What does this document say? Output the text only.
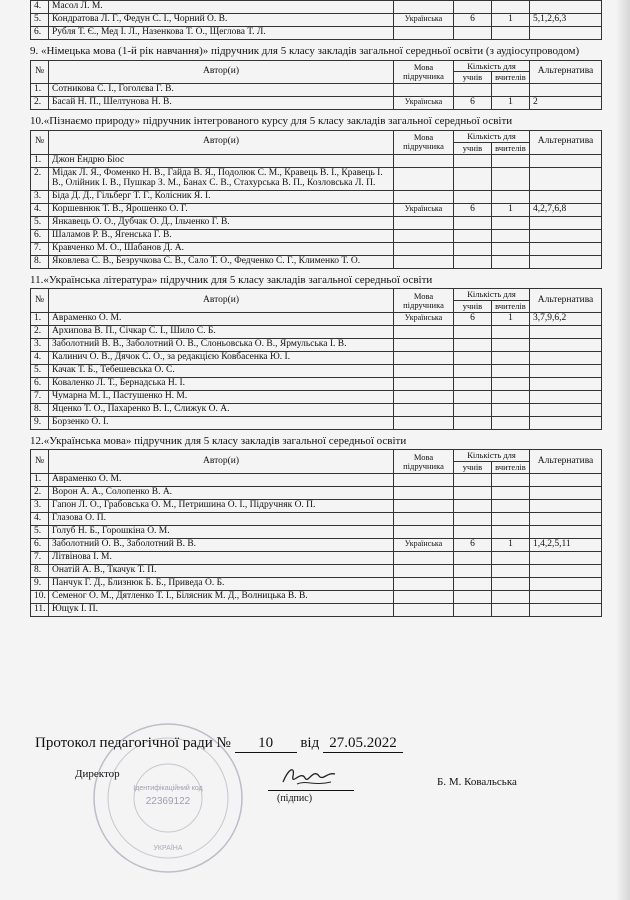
4.	Масол Л. М.				
5.	Кондратова Л. Г., Федун С. І., Чорний О. В.	Українська	6	1	5,1,2,6,3
6.	Рубля Т. Є., Мед І. Л., Назенкова Т. О., Щеглова Т. Л.				
9. «Німецька мова (1-й рік навчання)» підручник для 5 класу закладів загальної середньої освіти (з аудіосупроводом)
№	Автор(и)	Мова підручника	Кількість для		Альтернатива
			учнів	вчителів	
1.	Сотникова С. І., Гоголєва Г. В.				
2.	Басай Н. П., Шелтунова Н. В.	Українська	6	1	2
10.«Пізнаємо природу» підручник інтегрованого курсу для 5 класу закладів загальної середньої освіти
№	Автор(и)	Мова підручника	Кількість для		Альтернатива
			учнів	вчителів	
1.	Джон Ендрю Біос				
2.	Мідак Л. Я., Фоменко Н. В., Гайда В. Я., Подолюк С. М., Кравець В. І., Кравець І. В., Олійник І. В., Пушкар З. М., Банах С. В., Стахурська В. П., Козловська Л. П.				
3.	Біда Д. Д., Гільберг Т. Г., Колісник Я. І.				
4.	Коршевнюк Т. В., Ярошенко О. Г.	Українська	6	1	4,2,7,6,8
5.	Янкавець О. О., Дубчак О. Д., Ільченко Г. В.				
6.	Шаламов Р. В., Ягенська Г. В.				
7.	Кравченко М. О., Шабанов Д. А.				
8.	Яковлева С. В., Безручкова С. В., Сало Т. О., Федченко С. Г., Клименко Т. О.				
11.«Українська література» підручник для 5 класу закладів загальної середньої освіти
№	Автор(и)	Мова підручника	Кількість для		Альтернатива
			учнів	вчителів	
1.	Авраменко О. М.	Українська	6	1	3,7,9,6,2
2.	Архипова В. П., Січкар С. І., Шило С. Б.				
3.	Заболотний В. В., Заболотний О. В., Слоньовська О. В., Ярмульська І. В.				
4.	Калинич О. В., Дячок С. О., за редакцією Ковбасенка Ю. І.				
5.	Качак Т. Б., Тебешевська О. С.				
6.	Коваленко Л. Т., Бернадська Н. І.				
7.	Чумарна М. І., Пастушенко Н. М.				
8.	Яценко Т. О., Пахаренко В. І., Слижук О. А.				
9.	Борзенко О. І.				
12.«Українська мова» підручник для 5 класу закладів загальної середньої освіти
№	Автор(и)	Мова підручника	Кількість для		Альтернатива
			учнів	вчителів	
1.	Авраменко О. М.				
2.	Ворон А. А., Солопенко В. А.				
3.	Гапон Л. О., Грабовська О. М., Петришина О. І., Підручняк О. П.				
4.	Глазова О. П.				
5.	Голуб Н. Б., Горошкіна О. М.				
6.	Заболотний О. В., Заболотний В. В.	Українська	6	1	1,4,2,5,11
7.	Літвінова І. М.				
8.	Онатій А. В., Ткачук Т. П.				
9.	Панчук Г. Д., Близнюк Б. Б., Приведа О. Б.				
10.	Семеног О. М., Дятленко Т. І., Білясник М. Д., Волницька В. В.				
11.	Ющук І. П.				
Ідентифікаційний код
22369122
УКРАЇНА
Протокол педагогічної ради № 10 від 27.05.2022
Директор
(підпис)
Б. М. Ковальська
